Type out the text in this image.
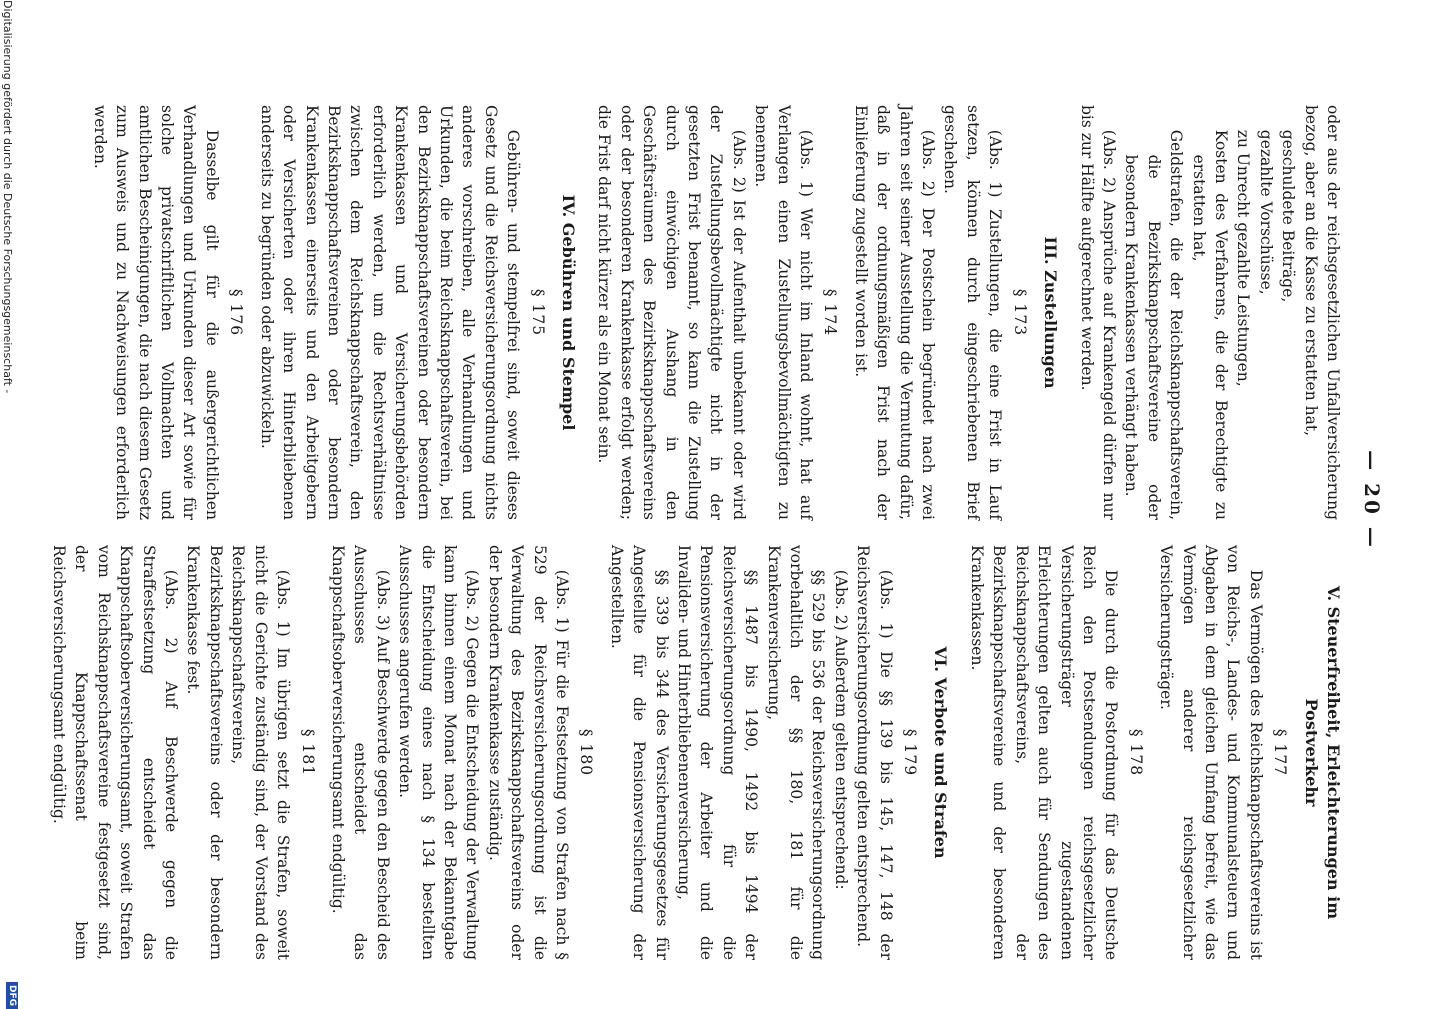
— 20 —

oder aus der reichsgesetzlichen Unfallversicherung bezog, aber an die Kasse zu erstatten hat,

geschuldete Beiträge,

gezahlte Vorschüsse,

zu Unrecht gezahlte Leistungen,

Kosten des Verfahrens, die der Berechtigte zu erstatten hat,

Geldstrafen, die der Reichsknappschaftsverein, die Bezirksknappschaftsvereine oder besondern Krankenkassen verhängt haben.

(Abs. 2) Ansprüche auf Krankengeld dürfen nur bis zur Hälfte aufgerechnet werden.

III. Zustellungen
§ 173

(Abs. 1) Zustellungen, die eine Frist in Lauf setzen, können durch eingeschriebenen Brief geschehen.

(Abs. 2) Der Postschein begründet nach zwei Jahren seit seiner Ausstellung die Vermutung dafür, daß in der ordnungsmäßigen Frist nach der Einlieferung zugestellt worden ist.

§ 174

(Abs. 1) Wer nicht im Inland wohnt, hat auf Verlangen einen Zustellungsbevollmächtigten zu benennen.

(Abs. 2) Ist der Aufenthalt unbekannt oder wird der Zustellungsbevollmächtigte nicht in der gesetzten Frist benannt, so kann die Zustellung durch einwöchigen Aushang in den Geschäftsräumen des Bezirksknappschaftsvereins oder der besonderen Krankenkasse erfolgt werden; die Frist darf nicht kürzer als ein Monat sein.

IV. Gebühren und Stempel
§ 175

Gebühren- und stempelfrei sind, soweit dieses Gesetz und die Reichsversicherungsordnung nichts anderes vorschreiben, alle Verhandlungen und Urkunden, die beim Reichsknappschaftsverein, bei den Bezirksknappschaftsvereinen oder besondern Krankenkassen und Versicherungsbehörden erforderlich werden, um die Rechtsverhältnisse zwischen dem Reichsknappschaftsverein, den Bezirksknappschaftsvereinen oder besondern Krankenkassen einerseits und den Arbeitgebern oder Versicherten oder ihren Hinterbliebenen anderseits zu begründen oder abzuwickeln.

§ 176

Dasselbe gilt für die außergerichtlichen Verhandlungen und Urkunden dieser Art sowie für solche privatschriftlichen Vollmachten und amtlichen Bescheinigungen, die nach diesem Gesetz zum Ausweis und zu Nachweisungen erforderlich werden.

V. Steuerfreiheit, Erleichterungen im Postverkehr
§ 177

Das Vermögen des Reichsknappschaftsvereins ist von Reichs-, Landes- und Kommunalsteuern und Abgaben in dem gleichen Umfang befreit, wie das Vermögen anderer reichsgesetzlicher Versicherungsträger.

§ 178

Die durch die Postordnung für das Deutsche Reich den Postsendungen reichsgesetzlicher Versicherungsträger zugestandenen Erleichterungen gelten auch für Sendungen des Reichsknappschaftsvereins, der Bezirksknappschaftsvereine und der besonderen Krankenkassen.

VI. Verbote und Strafen
§ 179

(Abs. 1) Die §§ 139 bis 145, 147, 148 der Reichsversicherungsordnung gelten entsprechend.

(Abs. 2) Außerdem gelten entsprechend:

§§ 529 bis 536 der Reichsversicherungsordnung vorbehaltlich der §§ 180, 181 für die Krankenversicherung,

§§ 1487 bis 1490, 1492 bis 1494 der Reichsversicherungsordnung für die Pensionsversicherung der Arbeiter und die Invaliden- und Hinterbliebenenversicherung,

§§ 339 bis 344 des Versicherungsgesetzes für Angestellte für die Pensionsversicherung der Angestellten.

§ 180

(Abs. 1) Für die Festsetzung von Strafen nach § 529 der Reichsversicherungsordnung ist die Verwaltung des Bezirksknappschaftsvereins oder der besondern Krankenkasse zuständig.

(Abs. 2) Gegen die Entscheidung der Verwaltung kann binnen einem Monat nach der Bekanntgabe die Entscheidung eines nach § 134 bestellten Ausschusses angerufen werden.

(Abs. 3) Auf Beschwerde gegen den Bescheid des Ausschusses entscheidet das Knappschaftsoberversicherungsamt endgültig.

§ 181

(Abs. 1) Im übrigen setzt die Strafen, soweit nicht die Gerichte zuständig sind, der Vorstand des Reichsknappschaftsvereins, Bezirksknappschaftsvereins oder der besondern Krankenkasse fest.

(Abs. 2) Auf Beschwerde gegen die Straffestsetzung entscheidet das Knappschaftsoberversicherungsamt, soweit Strafen vom Reichsknappschaftsvereine festgesetzt sind, der Knappschaftssenat beim Reichsversicherungsamt endgültig.

Digitalisierung gefördert durch die Deutsche Forschungsgemeinschaft -
DFG
